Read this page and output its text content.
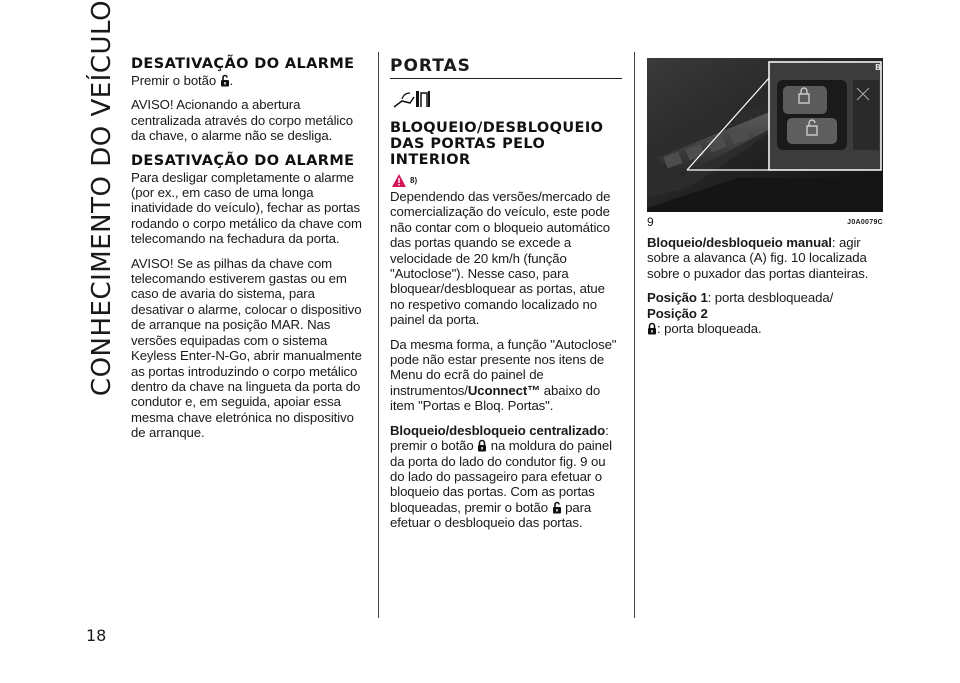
CONHECIMENTO DO VEÍCULO
18
DESATIVAÇÃO DO ALARME

Premir o botão .

AVISO! Acionando a abertura centralizada através do corpo metálico da chave, o alarme não se desliga.

DESATIVAÇÃO DO ALARME

Para desligar completamente o alarme (por ex., em caso de uma longa inatividade do veículo), fechar as portas rodando o corpo metálico da chave com telecomando na fechadura da porta.

AVISO! Se as pilhas da chave com telecomando estiverem gastas ou em caso de avaria do sistema, para desativar o alarme, colocar o dispositivo de arranque na posição MAR. Nas versões equipadas com o sistema Keyless Enter-N-Go, abrir manualmente as portas introduzindo o corpo metálico dentro da chave na lingueta da porta do condutor e, em seguida, apoiar essa mesma chave eletrónica no dispositivo de arranque.

PORTAS
BLOQUEIO/DESBLOQUEIO DAS PORTAS PELO INTERIOR
8)

Dependendo das versões/mercado de comercialização do veículo, este pode não contar com o bloqueio automático das portas quando se excede a velocidade de 20 km/h (função "Autoclose"). Nesse caso, para bloquear/desbloquear as portas, atue no respetivo comando localizado no painel da porta.

Da mesma forma, a função "Autoclose" pode não estar presente nos itens de Menu do ecrã do painel de instrumentos/Uconnect™ abaixo do item "Portas e Bloq. Portas".

Bloqueio/desbloqueio centralizado: premir o botão  na moldura do painel da porta do lado do condutor fig. 9 ou do lado do passageiro para efetuar o bloqueio das portas. Com as portas bloqueadas, premir o botão  para efetuar o desbloqueio das portas.

B
9	J0A0079C

Bloqueio/desbloqueio manual: agir sobre a alavanca (A) fig. 10 localizada sobre o puxador das portas dianteiras.

Posição 1: porta desbloqueada/ Posição 2
: porta bloqueada.
